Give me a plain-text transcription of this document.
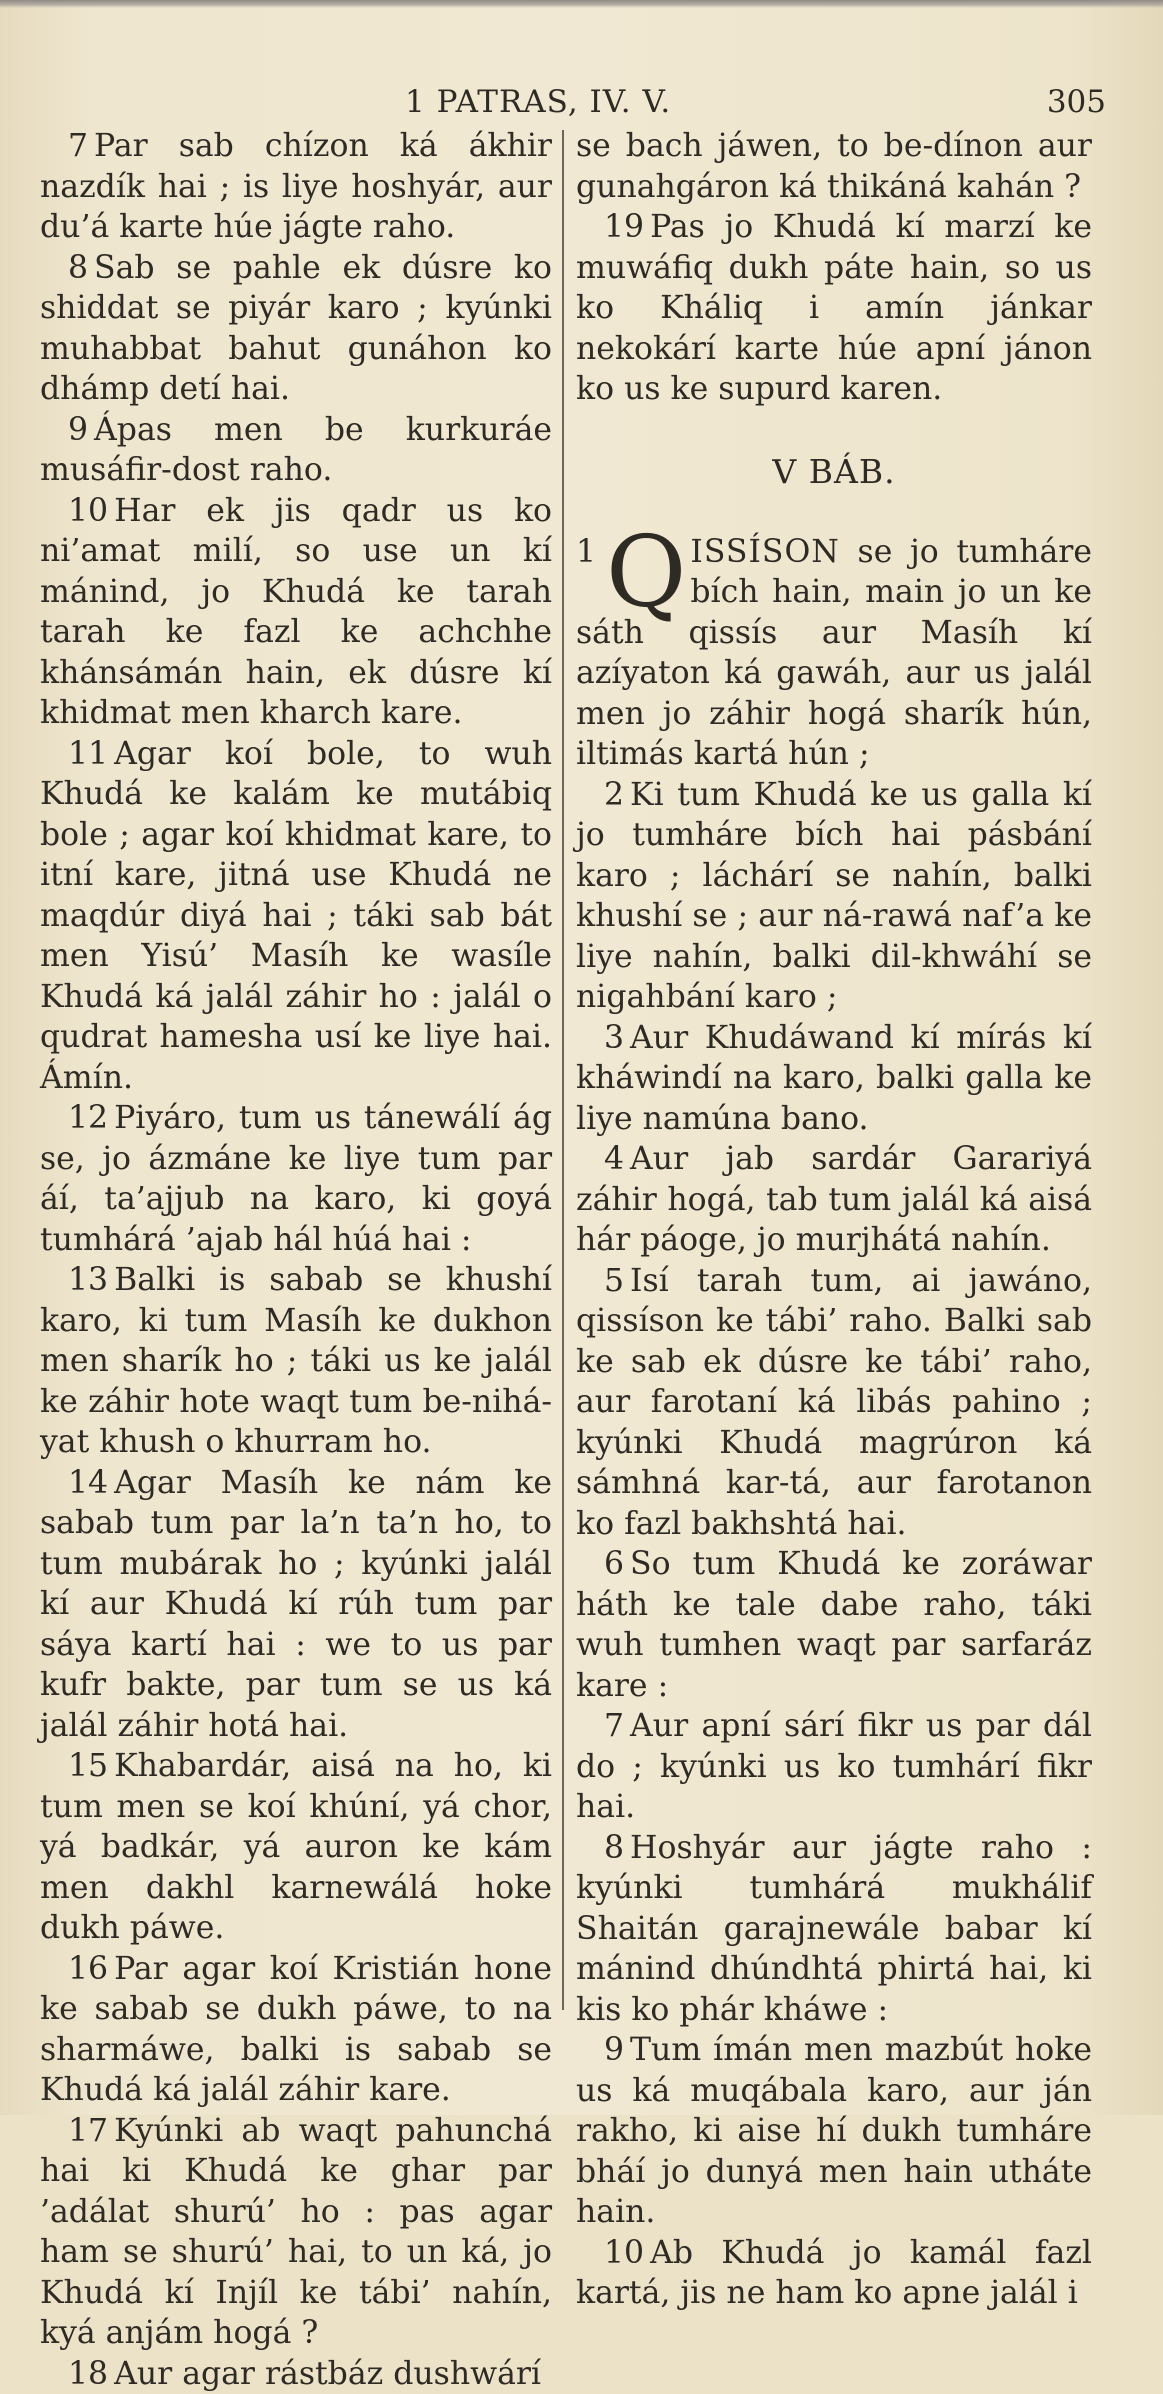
1 PATRAS, IV. V.	305

7 Par sab chízon ká ákhir nazdík hai ; is liye hoshyár, aur du’á karte húe jágte raho.

8 Sab se pahle ek dúsre ko shiddat se piyár karo ; kyúnki muhabbat bahut gunáhon ko dhámp detí hai.

9 Ápas men be kurkuráe musáfir-dost raho.

10 Har ek jis qadr us ko ni’amat milí, so use un kí mánind, jo Khudá ke tarah tarah ke fazl ke achchhe khánsámán hain, ek dúsre kí khidmat men kharch kare.

11 Agar koí bole, to wuh Khudá ke kalám ke mutábiq bole ; agar koí khidmat kare, to itní kare, jitná use Khudá ne maqdúr diyá hai ; táki sab bát men Yisú’ Masíh ke wasíle Khudá ká jalál záhir ho : jalál o qudrat hamesha usí ke liye hai. Ámín.

12 Piyáro, tum us tánewálí ág se, jo ázmáne ke liye tum par áí, ta’ajjub na karo, ki goyá tumhárá ’ajab hál húá hai :

13 Balki is sabab se khushí karo, ki tum Masíh ke dukhon men sharík ho ; táki us ke jalál ke záhir hote waqt tum be-nihá-yat khush o khurram ho.

14 Agar Masíh ke nám ke sabab tum par la’n ta’n ho, to tum mubárak ho ; kyúnki jalál kí aur Khudá kí rúh tum par sáya kartí hai : we to us par kufr bakte, par tum se us ká jalál záhir hotá hai.

15 Khabardár, aisá na ho, ki tum men se koí khúní, yá chor, yá badkár, yá auron ke kám men dakhl karnewálá hoke dukh páwe.

16 Par agar koí Kristián hone ke sabab se dukh páwe, to na sharmáwe, balki is sabab se Khudá ká jalál záhir kare.

17 Kyúnki ab waqt pahunchá hai ki Khudá ke ghar par ’adálat shurú’ ho : pas agar ham se shurú’ hai, to un ká, jo Khudá kí Injíl ke tábi’ nahín, kyá anjám hogá ?

18 Aur agar rástbáz dushwárí

se bach jáwen, to be-dínon aur gunahgáron ká thikáná kahán ?

19 Pas jo Khudá kí marzí ke muwáfiq dukh páte hain, so us ko Kháliq i amín jánkar nekokárí karte húe apní jánon ko us ke supurd karen.

V BÁB.

1 Q ISSÍSON se jo tumháre bích hain, main jo un ke sáth qissís aur Masíh kí azíyaton ká gawáh, aur us jalál men jo záhir hogá sharík hún, iltimás kartá hún ;

2 Ki tum Khudá ke us galla kí jo tumháre bích hai pásbání karo ; láchárí se nahín, balki khushí se ; aur ná-rawá naf’a ke liye nahín, balki dil-khwáhí se nigahbání karo ;

3 Aur Khudáwand kí mírás kí kháwindí na karo, balki galla ke liye namúna bano.

4 Aur jab sardár Garariyá záhir hogá, tab tum jalál ká aisá hár páoge, jo murjhátá nahín.

5 Isí tarah tum, ai jawáno, qissíson ke tábi’ raho. Balki sab ke sab ek dúsre ke tábi’ raho, aur farotaní ká libás pahino ; kyúnki Khudá magrúron ká sámhná kar-tá, aur farotanon ko fazl bakhshtá hai.

6 So tum Khudá ke zoráwar háth ke tale dabe raho, táki wuh tumhen waqt par sarfaráz kare :

7 Aur apní sárí fikr us par dál do ; kyúnki us ko tumhárí fikr hai.

8 Hoshyár aur jágte raho : kyúnki tumhárá mukhálif Shaitán garajnewále babar kí mánind dhúndhtá phirtá hai, ki kis ko phár kháwe :

9 Tum ímán men mazbút hoke us ká muqábala karo, aur ján rakho, ki aise hí dukh tumháre bháí jo dunyá men hain utháte hain.

10 Ab Khudá jo kamál fazl kartá, jis ne ham ko apne jalál i
